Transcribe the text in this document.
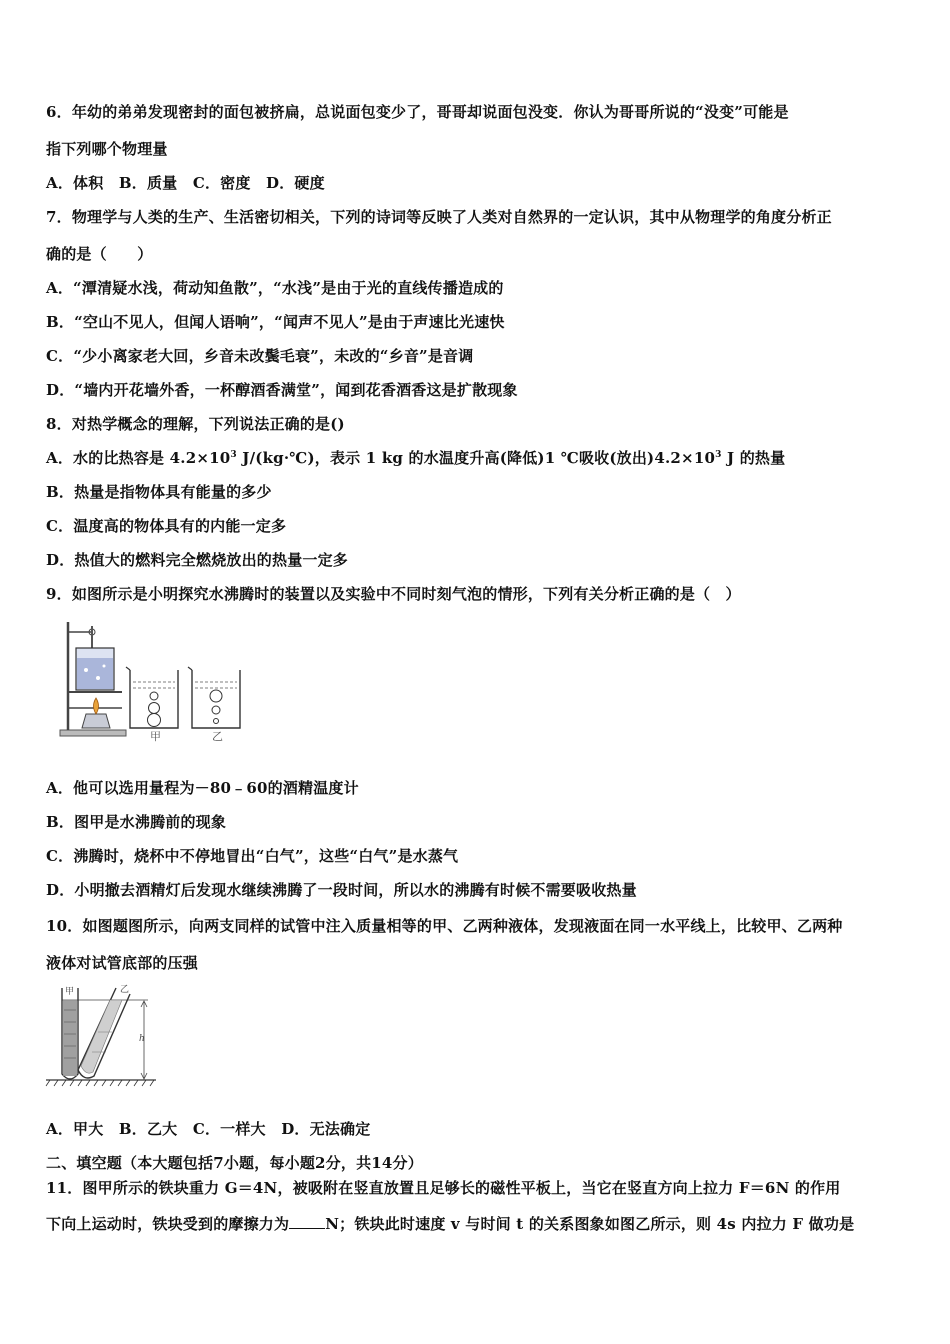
6．年幼的弟弟发现密封的面包被挤扁，总说面包变少了，哥哥却说面包没变．你认为哥哥所说的“没变”可能是
指下列哪个物理量
A．体积 B．质量 C．密度 D．硬度
7．物理学与人类的生产、生活密切相关，下列的诗词等反映了人类对自然界的一定认识，其中从物理学的角度分析正
确的是（　　）
A．“潭清疑水浅，荷动知鱼散”，“水浅”是由于光的直线传播造成的
B．“空山不见人，但闻人语响”，“闻声不见人”是由于声速比光速快
C．“少小离家老大回，乡音未改鬓毛衰”，未改的“乡音”是音调
D．“墙内开花墙外香，一杯醇酒香满堂”，闻到花香酒香这是扩散现象
8．对热学概念的理解，下列说法正确的是()
A．水的比热容是 $4.2\times 10^3$ J/(kg·℃)，表示 1 kg 的水温度升高(降低)1 ℃吸收(放出)$4.2\times 10^3$ J 的热量
B．热量是指物体具有能量的多少
C．温度高的物体具有的内能一定多
D．热值大的燃料完全燃烧放出的热量一定多
9．如图所示是小明探究水沸腾时的装置以及实验中不同时刻气泡的情形，下列有关分析正确的是（　）
甲	乙
A．他可以选用量程为－80﹣60的酒精温度计
B．图甲是水沸腾前的现象
C．沸腾时，烧杯中不停地冒出“白气”，这些“白气”是水蒸气
D．小明撤去酒精灯后发现水继续沸腾了一段时间，所以水的沸腾有时候不需要吸收热量
10．如图题图所示，向两支同样的试管中注入质量相等的甲、乙两种液体，发现液面在同一水平线上，比较甲、乙两种
液体对试管底部的压强
甲	乙
h
A．甲大 B．乙大 C．一样大 D．无法确定
二、填空题（本大题包括7小题，每小题2分，共14分）
11．图甲所示的铁块重力 G＝4N，被吸附在竖直放置且足够长的磁性平板上，当它在竖直方向上拉力 F＝6N 的作用
下向上运动时，铁块受到的摩擦力为 N；铁块此时速度 v 与时间 t 的关系图象如图乙所示，则 4s 内拉力 F 做功是
